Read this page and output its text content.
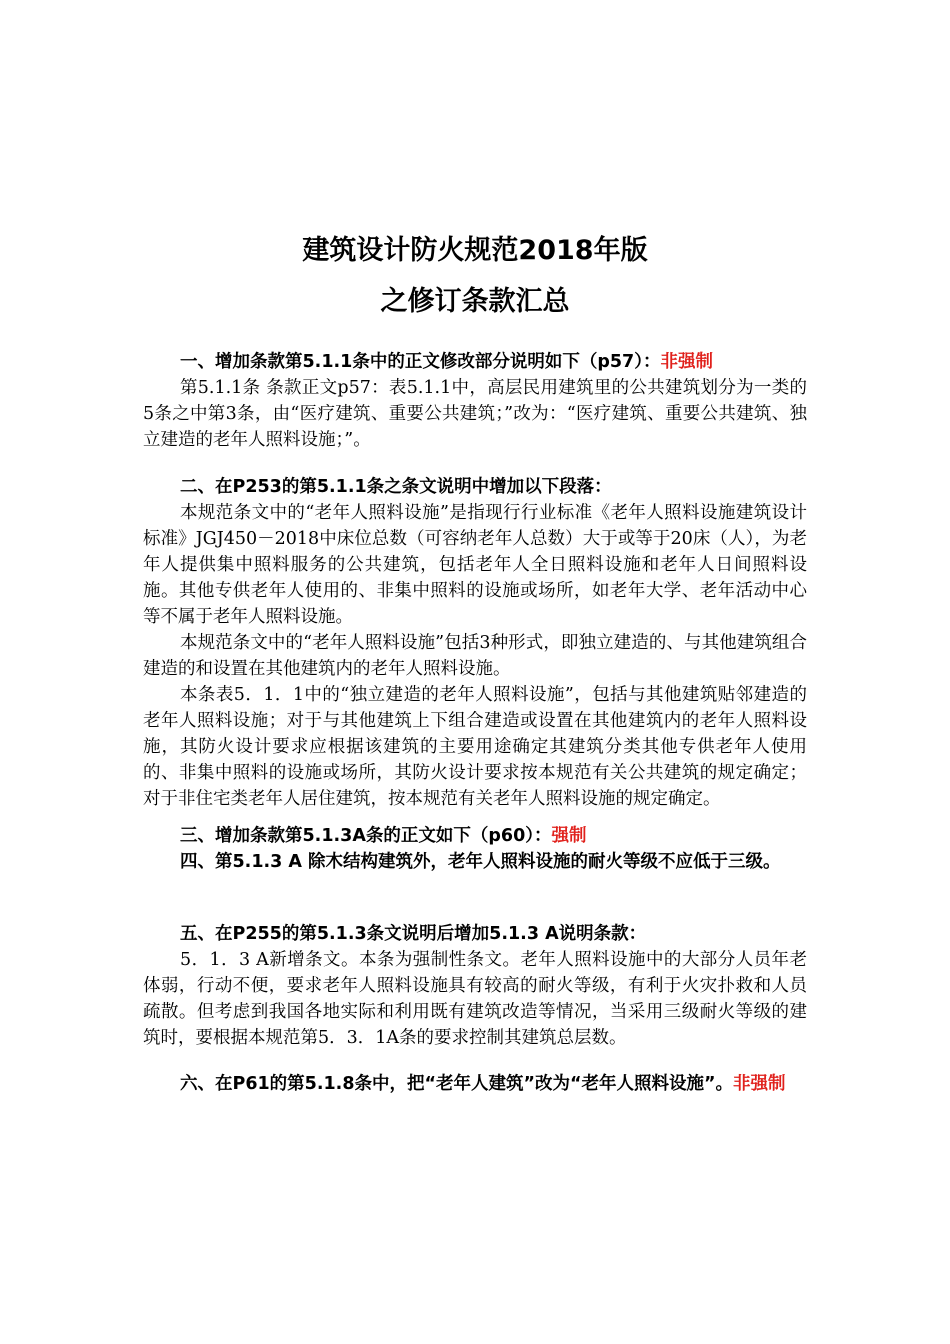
建筑设计防火规范2018年版
之修订条款汇总

一、增加条款第5.1.1条中的正文修改部分说明如下（p57）：非强制

第5.1.1条 条款正文p57：表5.1.1中，高层民用建筑里的公共建筑划分为一类的5条之中第3条，由“医疗建筑、重要公共建筑；”改为：“医疗建筑、重要公共建筑、独立建造的老年人照料设施；”。

二、在P253的第5.1.1条之条文说明中增加以下段落：

本规范条文中的“老年人照料设施”是指现行行业标准《老年人照料设施建筑设计标准》JGJ450－2018中床位总数（可容纳老年人总数）大于或等于20床（人），为老年人提供集中照料服务的公共建筑，包括老年人全日照料设施和老年人日间照料设施。其他专供老年人使用的、非集中照料的设施或场所，如老年大学、老年活动中心等不属于老年人照料设施。

本规范条文中的“老年人照料设施”包括3种形式，即独立建造的、与其他建筑组合建造的和设置在其他建筑内的老年人照料设施。

本条表5．1．1中的“独立建造的老年人照料设施”，包括与其他建筑贴邻建造的老年人照料设施；对于与其他建筑上下组合建造或设置在其他建筑内的老年人照料设施，其防火设计要求应根据该建筑的主要用途确定其建筑分类其他专供老年人使用的、非集中照料的设施或场所，其防火设计要求按本规范有关公共建筑的规定确定；对于非住宅类老年人居住建筑，按本规范有关老年人照料设施的规定确定。

三、增加条款第5.1.3A条的正文如下（p60）：强制

四、第5.1.3 A 除木结构建筑外，老年人照料设施的耐火等级不应低于三级。

五、在P255的第5.1.3条文说明后增加5.1.3 A说明条款：

5．1．3 A新增条文。本条为强制性条文。老年人照料设施中的大部分人员年老体弱，行动不便，要求老年人照料设施具有较高的耐火等级，有利于火灾扑救和人员疏散。但考虑到我国各地实际和利用既有建筑改造等情况，当采用三级耐火等级的建筑时，要根据本规范第5．3．1A条的要求控制其建筑总层数。

六、在P61的第5.1.8条中，把“老年人建筑”改为“老年人照料设施”。非强制
